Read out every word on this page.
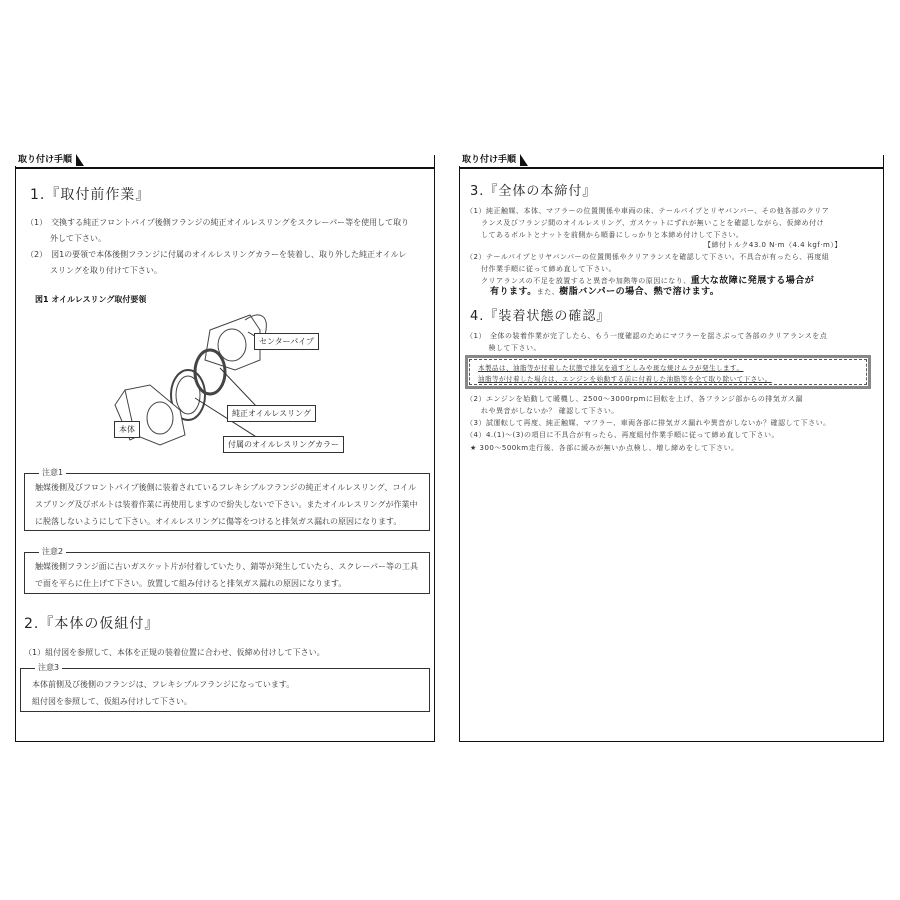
取り付け手順
1.『取付前作業』
（1）　交換する純正フロントパイプ後側フランジの純正オイルレスリングをスクレーパー等を使用して取り
　　　外して下さい。
（2）　図1の要領で本体後側フランジに付属のオイルレスリングカラーを装着し、取り外した純正オイルレ
　　　スリングを取り付けて下さい。
図1 オイルレスリング取付要領
センターパイプ
純正オイルレスリング
本体
付属のオイルレスリングカラー
注意1
触媒後側及びフロントパイプ後側に装着されているフレキシブルフランジの純正オイルレスリング、コイル
スプリング及びボルトは装着作業に再使用しますので紛失しないで下さい。またオイルレスリングが作業中
に脱落しないようにして下さい。オイルレスリングに傷等をつけると排気ガス漏れの原因になります。
注意2
触媒後側フランジ面に古いガスケット片が付着していたり、錆等が発生していたら、スクレーパー等の工具
で面を平らに仕上げて下さい。放置して組み付けると排気ガス漏れの原因になります。
2.『本体の仮組付』
（1）組付図を参照して、本体を正規の装着位置に合わせ、仮締め付けして下さい。
注意3
本体前側及び後側のフランジは、フレキシブルフランジになっています。
組付図を参照して、仮組み付けして下さい。
取り付け手順
3.『全体の本締付』
（1）純正触媒、本体、マフラーの位置関係や車両の床、テールパイプとリヤバンパー、その他各部のクリア
　　ランス及びフランジ間のオイルレスリング、ガスケットにずれが無いことを確認しながら、仮締め付け
　　してあるボルトとナットを前側から順番にしっかりと本締め付けして下さい。
【締付トルク43.0 N·m（4.4 kgf·m）】
（2）テールパイプとリヤバンパーの位置関係やクリアランスを確認して下さい。不具合が有ったら、再度組
　　付作業手順に従って締め直して下さい。
　　クリアランスの不足を放置すると異音や加熱等の原因になり、重大な故障に発展する場合が
有ります。また、樹脂バンパーの場合、熱で溶けます。
4.『装着状態の確認』
（1）　全体の装着作業が完了したら、もう一度確認のためにマフラーを揺さぶって各部のクリアランスを点
　　　検して下さい。
本製品は、油脂等が付着した状態で排気を通すとしみや斑な焼けムラが発生します。
油脂等が付着した場合は、エンジンを始動する前に付着した油脂等を全て取り除いて下さい。
（2）エンジンを始動して暖機し、2500～3000rpmに回転を上げ、各フランジ部からの排気ガス漏
　　れや異音がしないか？ 確認して下さい。
（3）試運転して再度、純正触媒、マフラー、車両各部に排気ガス漏れや異音がしないか？確認して下さい。
（4）4.(1)～(3)の項目に不具合が有ったら、再度組付作業手順に従って締め直して下さい。
★ 300～500km走行後、各部に緩みが無いか点検し、増し締めをして下さい。
